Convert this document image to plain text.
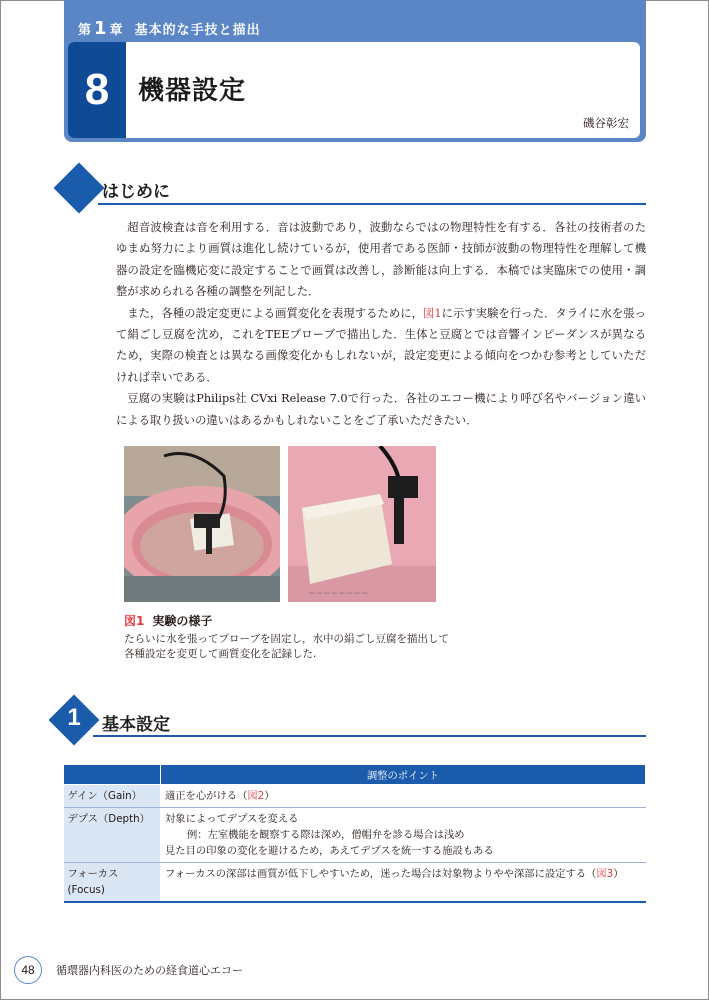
第 1 章 基本的な手技と描出
8	機器設定
磯谷彰宏
はじめに

超音波検査は音を利用する．音は波動であり，波動ならではの物理特性を有する．各社の技術者のたゆまぬ努力により画質は進化し続けているが，使用者である医師・技師が波動の物理特性を理解して機器の設定を臨機応変に設定することで画質は改善し，診断能は向上する．本稿では実臨床での使用・調整が求められる各種の調整を列記した．

また，各種の設定変更による画質変化を表現するために，図1に示す実験を行った．タライに水を張って絹ごし豆腐を沈め，これをTEEプローブで描出した．生体と豆腐とでは音響インピーダンスが異なるため，実際の検査とは異なる画像変化かもしれないが，設定変更による傾向をつかむ参考としていただければ幸いである．

豆腐の実験はPhilips社 CVxi Release 7.0で行った．各社のエコー機により呼び名やバージョン違いによる取り扱いの違いはあるかもしれないことをご了承いただきたい．

~~~~~~~~
図1 実験の様子
たらいに水を張ってプローブを固定し，水中の絹ごし豆腐を描出して
各種設定を変更して画質変化を記録した.
1	基本設定
	調整のポイント
ゲイン（Gain）	適正を心がける（図2）
デプス（Depth）	対象によってデプスを変える
例：左室機能を観察する際は深め，僧帽弁を診る場合は浅め
見た目の印象の変化を避けるため，あえてデプスを統一する施設もある

フォーカス
(Focus)	フォーカスの深部は画質が低下しやすいため，迷った場合は対象物よりやや深部に設定する（図3）
48	循環器内科医のための経食道心エコー
